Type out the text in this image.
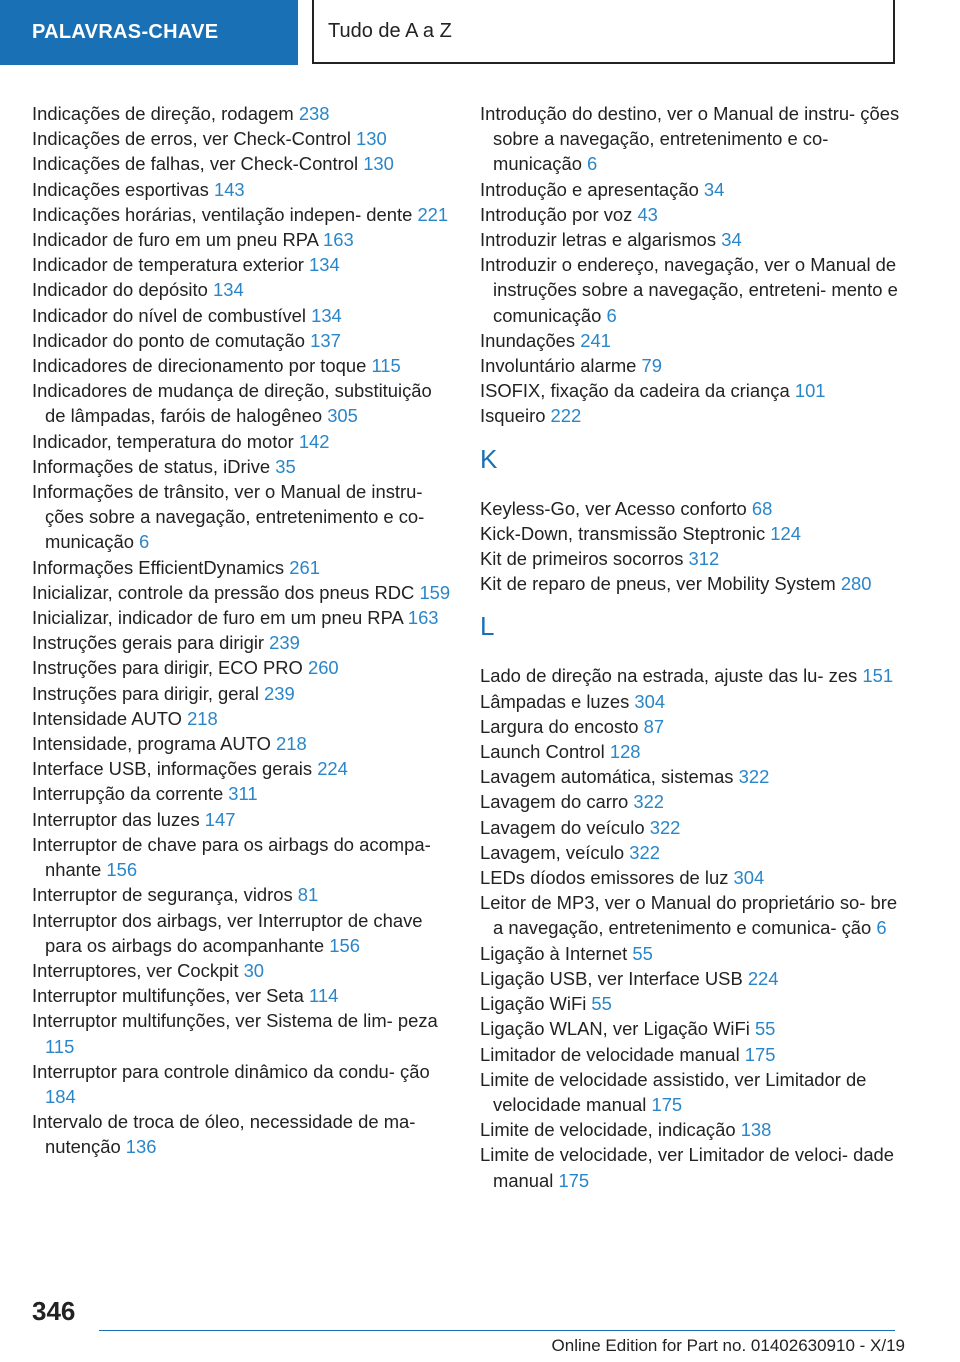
PALAVRAS-CHAVE	Tudo de A a Z
Indicações de direção, rodagem 238
Indicações de erros, ver Check-Control 130
Indicações de falhas, ver Check-Control 130
Indicações esportivas 143
Indicações horárias, ventilação indepen‐ dente 221
Indicador de furo em um pneu RPA 163
Indicador de temperatura exterior 134
Indicador do depósito 134
Indicador do nível de combustível 134
Indicador do ponto de comutação 137
Indicadores de direcionamento por toque 115
Indicadores de mudança de direção, substituição de lâmpadas, faróis de halogêneo 305
Indicador, temperatura do motor 142
Informações de status, iDrive 35
Informações de trânsito, ver o Manual de instru‐ ções sobre a navegação, entretenimento e co‐ municação 6
Informações EfficientDynamics 261
Inicializar, controle da pressão dos pneus RDC 159
Inicializar, indicador de furo em um pneu RPA 163
Instruções gerais para dirigir 239
Instruções para dirigir, ECO PRO 260
Instruções para dirigir, geral 239
Intensidade AUTO 218
Intensidade, programa AUTO 218
Interface USB, informações gerais 224
Interrupção da corrente 311
Interruptor das luzes 147
Interruptor de chave para os airbags do acompa‐ nhante 156
Interruptor de segurança, vidros 81
Interruptor dos airbags, ver Interruptor de chave para os airbags do acompanhante 156
Interruptores, ver Cockpit 30
Interruptor multifunções, ver Seta 114
Interruptor multifunções, ver Sistema de lim‐ peza 115
Interruptor para controle dinâmico da condu‐ ção 184
Intervalo de troca de óleo, necessidade de ma‐ nutenção 136
Introdução do destino, ver o Manual de instru‐ ções sobre a navegação, entretenimento e co‐ municação 6
Introdução e apresentação 34
Introdução por voz 43
Introduzir letras e algarismos 34
Introduzir o endereço, navegação, ver o Manual de instruções sobre a navegação, entreteni‐ mento e comunicação 6
Inundações 241
Involuntário alarme 79
ISOFIX, fixação da cadeira da criança 101
Isqueiro 222
K
Keyless-Go, ver Acesso conforto 68
Kick-Down, transmissão Steptronic 124
Kit de primeiros socorros 312
Kit de reparo de pneus, ver Mobility System 280
L
Lado de direção na estrada, ajuste das lu‐ zes 151
Lâmpadas e luzes 304
Largura do encosto 87
Launch Control 128
Lavagem automática, sistemas 322
Lavagem do carro 322
Lavagem do veículo 322
Lavagem, veículo 322
LEDs díodos emissores de luz 304
Leitor de MP3, ver o Manual do proprietário so‐ bre a navegação, entretenimento e comunica‐ ção 6
Ligação à Internet 55
Ligação USB, ver Interface USB 224
Ligação WiFi 55
Ligação WLAN, ver Ligação WiFi 55
Limitador de velocidade manual 175
Limite de velocidade assistido, ver Limitador de velocidade manual 175
Limite de velocidade, indicação 138
Limite de velocidade, ver Limitador de veloci‐ dade manual 175
346
Online Edition for Part no. 01402630910 - X/19
